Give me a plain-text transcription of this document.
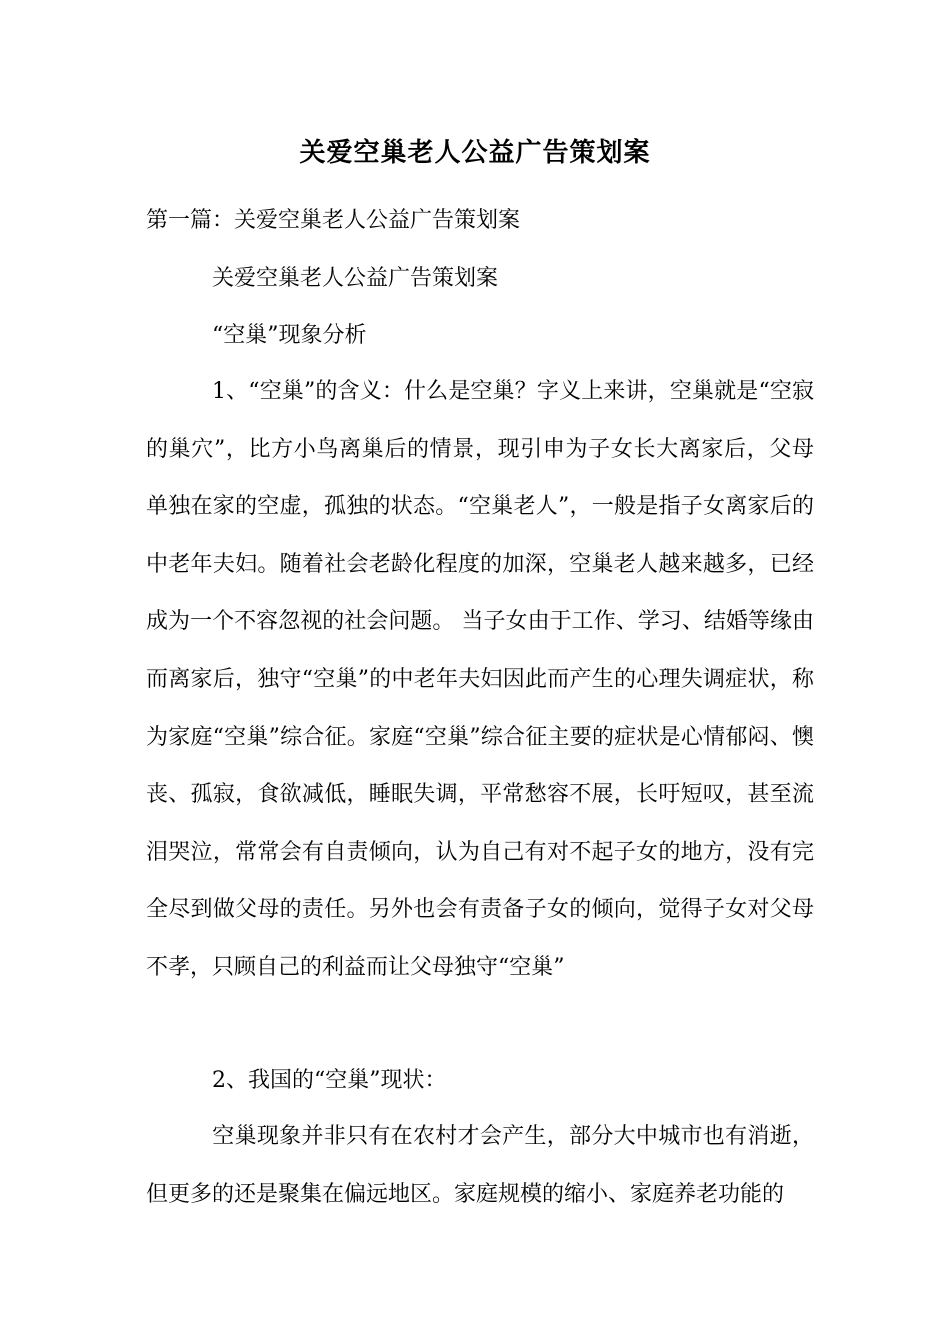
关爱空巢老人公益广告策划案
第一篇：关爱空巢老人公益广告策划案
关爱空巢老人公益广告策划案
“空巢”现象分析

1、“空巢”的含义：什么是空巢？字义上来讲，空巢就是“空寂的巢穴”，比方小鸟离巢后的情景，现引申为子女长大离家后，父母单独在家的空虚，孤独的状态。“空巢老人”，一般是指子女离家后的中老年夫妇。随着社会老龄化程度的加深，空巢老人越来越多，已经成为一个不容忽视的社会问题。 当子女由于工作、学习、结婚等缘由而离家后，独守“空巢”的中老年夫妇因此而产生的心理失调症状，称为家庭“空巢”综合征。家庭“空巢”综合征主要的症状是心情郁闷、懊丧、孤寂，食欲减低，睡眠失调，平常愁容不展，长吁短叹，甚至流泪哭泣，常常会有自责倾向，认为自己有对不起子女的地方，没有完全尽到做父母的责任。另外也会有责备子女的倾向，觉得子女对父母不孝，只顾自己的利益而让父母独守“空巢”

2、我国的“空巢”现状：

空巢现象并非只有在农村才会产生，部分大中城市也有消逝，但更多的还是聚集在偏远地区。家庭规模的缩小、家庭养老功能的
